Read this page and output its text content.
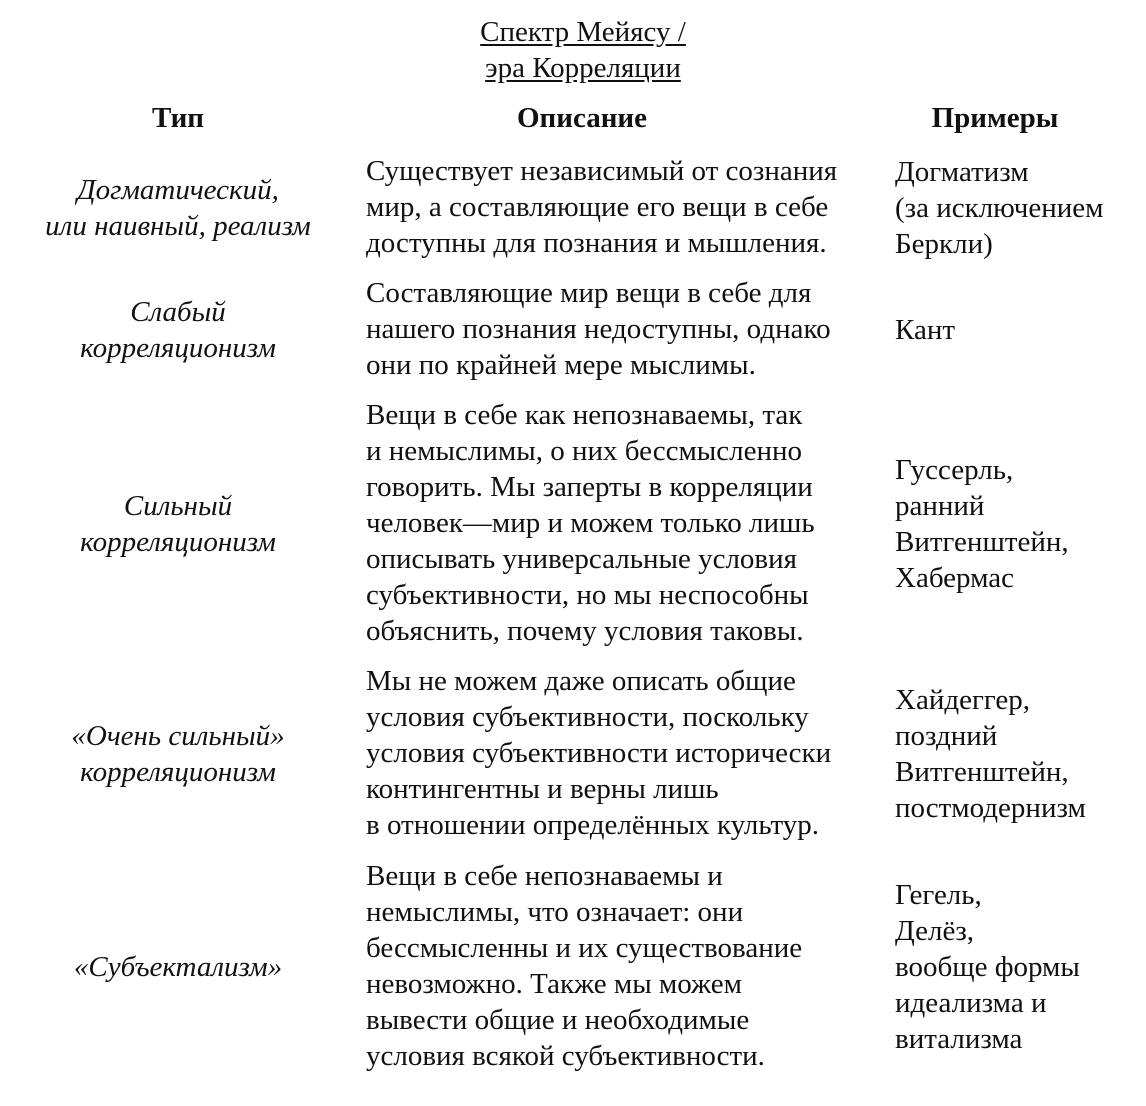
Спектр Мейясу /
эра Корреляции
Тип	Описание	Примеры
Догматический,
или наивный, реализм
Существует независимый от сознания
мир, а составляющие его вещи в себе
доступны для познания и мышления.
Догматизм
(за исключением
Беркли)
Слабый
корреляционизм
Составляющие мир вещи в себе для
нашего познания недоступны, однако
они по крайней мере мыслимы.
Кант
Сильный
корреляционизм
Вещи в себе как непознаваемы, так
и немыслимы, о них бессмысленно
говорить. Мы заперты в корреляции
человек—мир и можем только лишь
описывать универсальные условия
субъективности, но мы неспособны
объяснить, почему условия таковы.
Гуссерль,
ранний
Витгенштейн,
Хабермас
«Очень сильный»
корреляционизм
Мы не можем даже описать общие
условия субъективности, поскольку
условия субъективности исторически
контингентны и верны лишь
в отношении определённых культур.
Хайдеггер,
поздний
Витгенштейн,
постмодернизм
«Субъектализм»
Вещи в себе непознаваемы и
немыслимы, что означает: они
бессмысленны и их существование
невозможно. Также мы можем
вывести общие и необходимые
условия всякой субъективности.
Гегель,
Делёз,
вообще формы
идеализма и
витализма
